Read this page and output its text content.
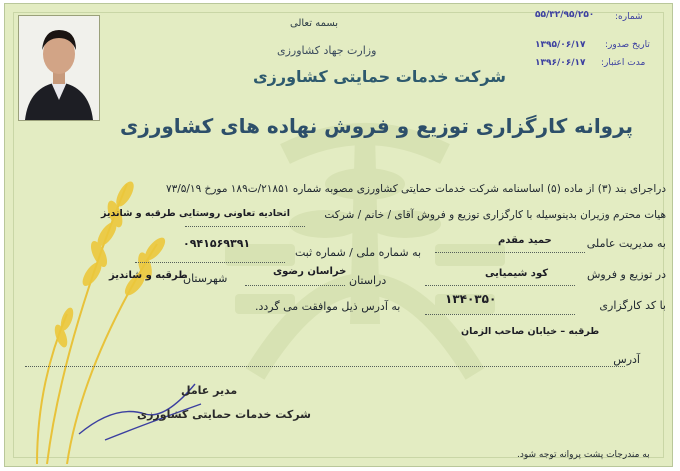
بسمه تعالی
وزارت جهاد کشاورزی
شرکت خدمات حمایتی کشاورزی
پروانه کارگزاری توزیع و فروش نهاده های کشاورزی
شماره:
۵۵/۳۲/۹۵/۲۵۰
تاریخ صدور:
۱۳۹۵/۰۶/۱۷
مدت اعتبار:
۱۳۹۶/۰۶/۱۷
دراجرای بند (۳) از ماده (۵) اساسنامه شرکت خدمات حمایتی کشاورزی مصوبه شماره ۲۱۸۵۱/ت۱۸۹ مورخ ۷۳/۵/۱۹
هیات محترم وزیران بدینوسیله با کارگزاری توزیع و فروش آقای / خانم / شرکت
اتحادیه تعاونی روستایی طرقبه و شاندیز
به مدیریت عاملی
حمید مقدم
به شماره ملی / شماره ثبت
۰۹۴۱۵۶۹۳۹۱
در توزیع و فروش
کود شیمیایی
دراستان
خراسان رضوی
شهرستان
طرقبه و شاندیز
با کد کارگزاری
۱۳۴۰۳۵۰
به آدرس ذیل موافقت می گردد.
آدرس
طرقبه – خیابان صاحب الزمان
مدیر عامل
شرکت خدمات حمایتی کشاورزی
به مندرجات پشت پروانه توجه شود.
